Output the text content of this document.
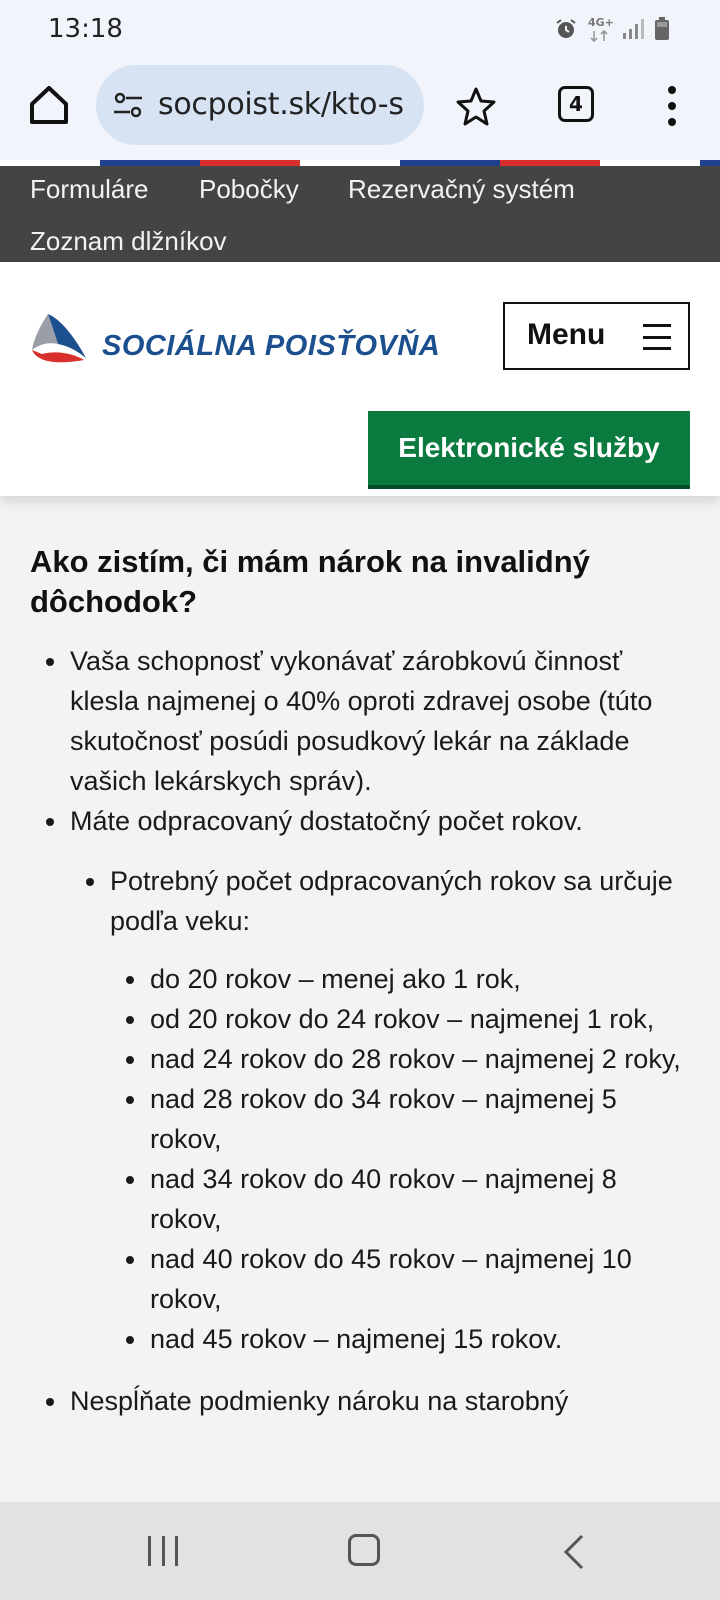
13:18	4G+
socpoist.sk/kto-s	4
Formuláre Pobočky Rezervačný systém
Zoznam dlžníkov
SOCIÁLNA POISŤOVŇA	Menu
Elektronické služby
Ako zistím, či mám nárok na invalidný dôchodok?
Vaša schopnosť vykonávať zárobkovú činnosť klesla najmenej o 40% oproti zdravej osobe (túto skutočnosť posúdi posudkový lekár na základe vašich lekárskych správ).
Máte odpracovaný dostatočný počet rokov.
Potrebný počet odpracovaných rokov sa určuje podľa veku:
do 20 rokov – menej ako 1 rok,
od 20 rokov do 24 rokov – najmenej 1 rok,
nad 24 rokov do 28 rokov – najmenej 2 roky,
nad 28 rokov do 34 rokov – najmenej 5 rokov,
nad 34 rokov do 40 rokov – najmenej 8 rokov,
nad 40 rokov do 45 rokov – najmenej 10 rokov,
nad 45 rokov – najmenej 15 rokov.
Nespĺňate podmienky nároku na starobný
